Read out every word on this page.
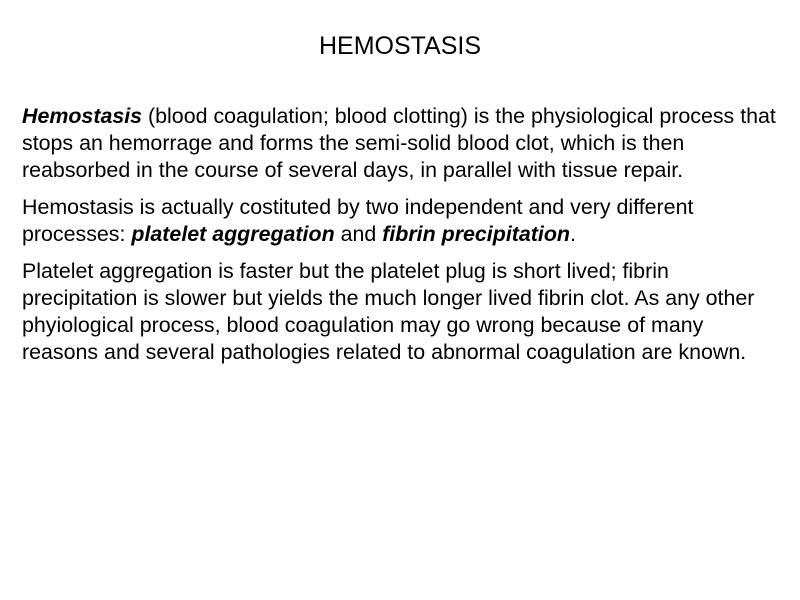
HEMOSTASIS

Hemostasis (blood coagulation; blood clotting) is the physiological process that stops an hemorrage and forms the semi-solid blood clot, which is then reabsorbed in the course of several days, in parallel with tissue repair.

Hemostasis is actually costituted by two independent and very different processes: platelet aggregation and fibrin precipitation.

Platelet aggregation is faster but the platelet plug is short lived; fibrin precipitation is slower but yields the much longer lived fibrin clot. As any other phyiological process, blood coagulation may go wrong because of many reasons and several pathologies related to abnormal coagulation are known.
